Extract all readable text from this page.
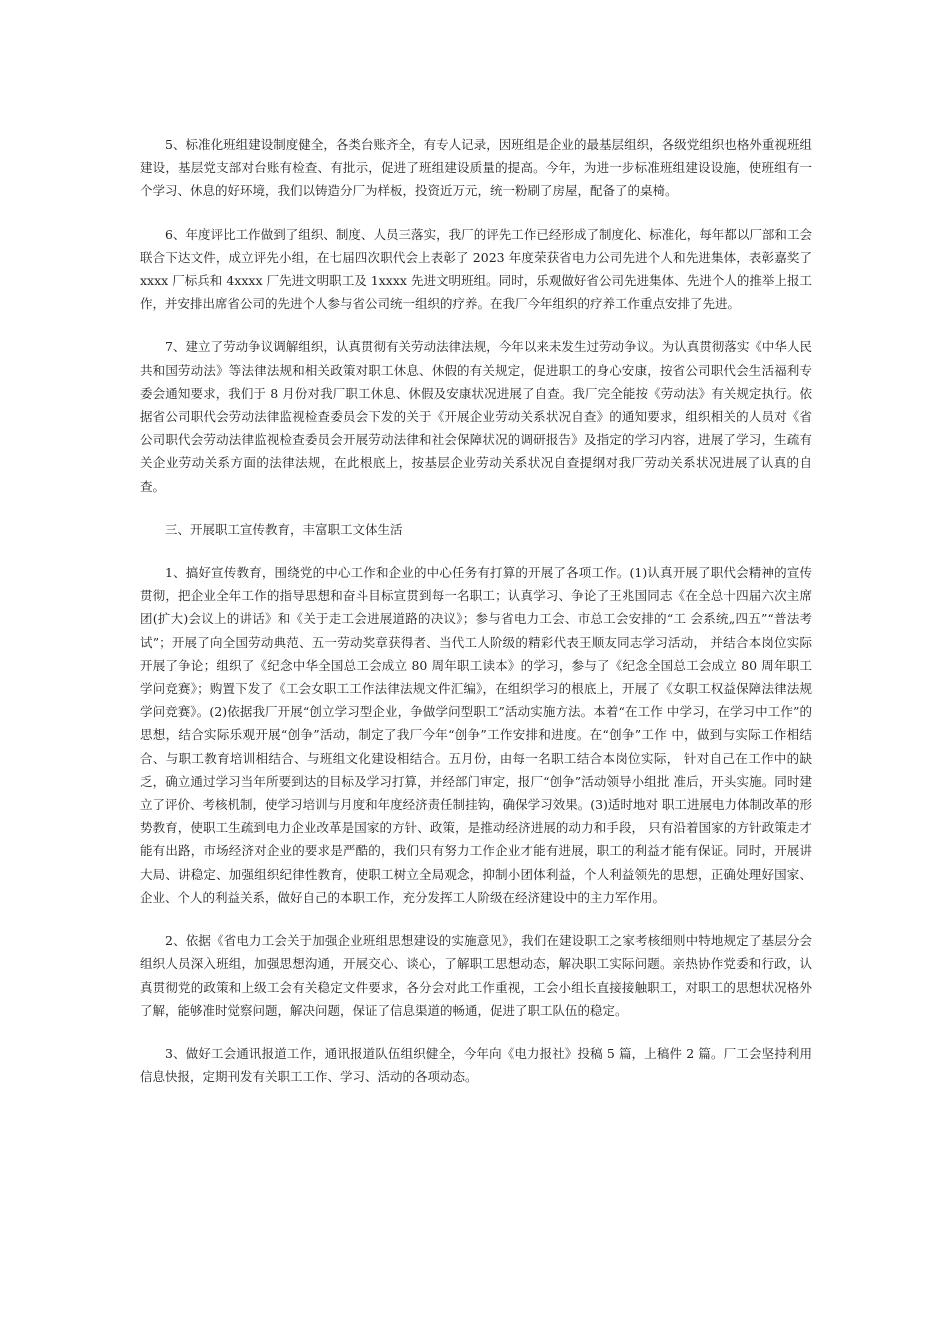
5、标准化班组建设制度健全，各类台账齐全，有专人记录，因班组是企业的最基层组织，各级党组织也格外重视班组建设，基层党支部对台账有检查、有批示，促进了班组建设质量的提高。今年，为进一步标准班组建设设施，使班组有一个学习、休息的好环境，我们以铸造分厂为样板，投资近万元，统一粉刷了房屋，配备了的桌椅。

6、年度评比工作做到了组织、制度、人员三落实，我厂的评先工作已经形成了制度化、标准化，每年都以厂部和工会联合下达文件，成立评先小组，在七届四次职代会上表彰了 2023 年度荣获省电力公司先进个人和先进集体，表彰嘉奖了 xxxx 厂标兵和 4xxxx 厂先进文明职工及 1xxxx 先进文明班组。同时，乐观做好省公司先进集体、先进个人的推举上报工作，并安排出席省公司的先进个人参与省公司统一组织的疗养。在我厂今年组织的疗养工作重点安排了先进。

7、建立了劳动争议调解组织，认真贯彻有关劳动法律法规，今年以来未发生过劳动争议。为认真贯彻落实《中华人民共和国劳动法》等法律法规和相关政策对职工休息、休假的有关规定，促进职工的身心安康，按省公司职代会生活福利专委会通知要求，我们于 8 月份对我厂职工休息、休假及安康状况进展了自查。我厂完全能按《劳动法》有关规定执行。依据省公司职代会劳动法律监视检查委员会下发的关于《开展企业劳动关系状况自查》的通知要求，组织相关的人员对《省公司职代会劳动法律监视检查委员会开展劳动法律和社会保障状况的调研报告》及指定的学习内容，进展了学习，生疏有关企业劳动关系方面的法律法规，在此根底上，按基层企业劳动关系状况自查提纲对我厂劳动关系状况进展了认真的自查。

三、开展职工宣传教育，丰富职工文体生活

1、搞好宣传教育，围绕党的中心工作和企业的中心任务有打算的开展了各项工作。(1)认真开展了职代会精神的宣传贯彻，把企业全年工作的指导思想和奋斗目标宣贯到每一名职工；认真学习、争论了王兆国同志《在全总十四届六次主席团(扩大)会议上的讲话》和《关于走工会进展道路的决议》；参与省电力工会、市总工会安排的“工 会系统„四五”“普法考试”；开展了向全国劳动典范、五一劳动奖章获得者、当代工人阶级的精彩代表王顺友同志学习活动， 并结合本岗位实际开展了争论；组织了《纪念中华全国总工会成立 80 周年职工读本》的学习，参与了《纪念全国总工会成立 80 周年职工学问竞赛》；购置下发了《工会女职工工作法律法规文件汇编》，在组织学习的根底上，开展了《女职工权益保障法律法规学问竞赛》。(2)依据我厂开展“创立学习型企业，争做学问型职工”活动实施方法。本着“在工作 中学习，在学习中工作”的思想，结合实际乐观开展“创争”活动，制定了我厂今年“创争”工作安排和进度。在“创争”工作 中，做到与实际工作相结合、与职工教育培训相结合、与班组文化建设相结合。五月份，由每一名职工结合本岗位实际， 针对自己在工作中的缺乏，确立通过学习当年所要到达的目标及学习打算，并经部门审定，报厂“创争”活动领导小组批 准后，开头实施。同时建立了评价、考核机制，使学习培训与月度和年度经济责任制挂钩，确保学习效果。(3)适时地对 职工进展电力体制改革的形势教育，使职工生疏到电力企业改革是国家的方针、政策，是推动经济进展的动力和手段， 只有沿着国家的方针政策走才能有出路，市场经济对企业的要求是严酷的，我们只有努力工作企业才能有进展，职工的利益才能有保证。同时，开展讲大局、讲稳定、加强组织纪律性教育，使职工树立全局观念，抑制小团体利益，个人利益领先的思想，正确处理好国家、企业、个人的利益关系，做好自己的本职工作，充分发挥工人阶级在经济建设中的主力军作用。

2、依据《省电力工会关于加强企业班组思想建设的实施意见》，我们在建设职工之家考核细则中特地规定了基层分会组织人员深入班组，加强思想沟通，开展交心、谈心，了解职工思想动态，解决职工实际问题。亲热协作党委和行政，认真贯彻党的政策和上级工会有关稳定文件要求，各分会对此工作重视，工会小组长直接接触职工，对职工的思想状况格外了解，能够准时觉察问题，解决问题，保证了信息渠道的畅通，促进了职工队伍的稳定。

3、做好工会通讯报道工作，通讯报道队伍组织健全，今年向《电力报社》投稿 5 篇，上稿件 2 篇。厂工会坚持利用信息快报，定期刊发有关职工工作、学习、活动的各项动态。
